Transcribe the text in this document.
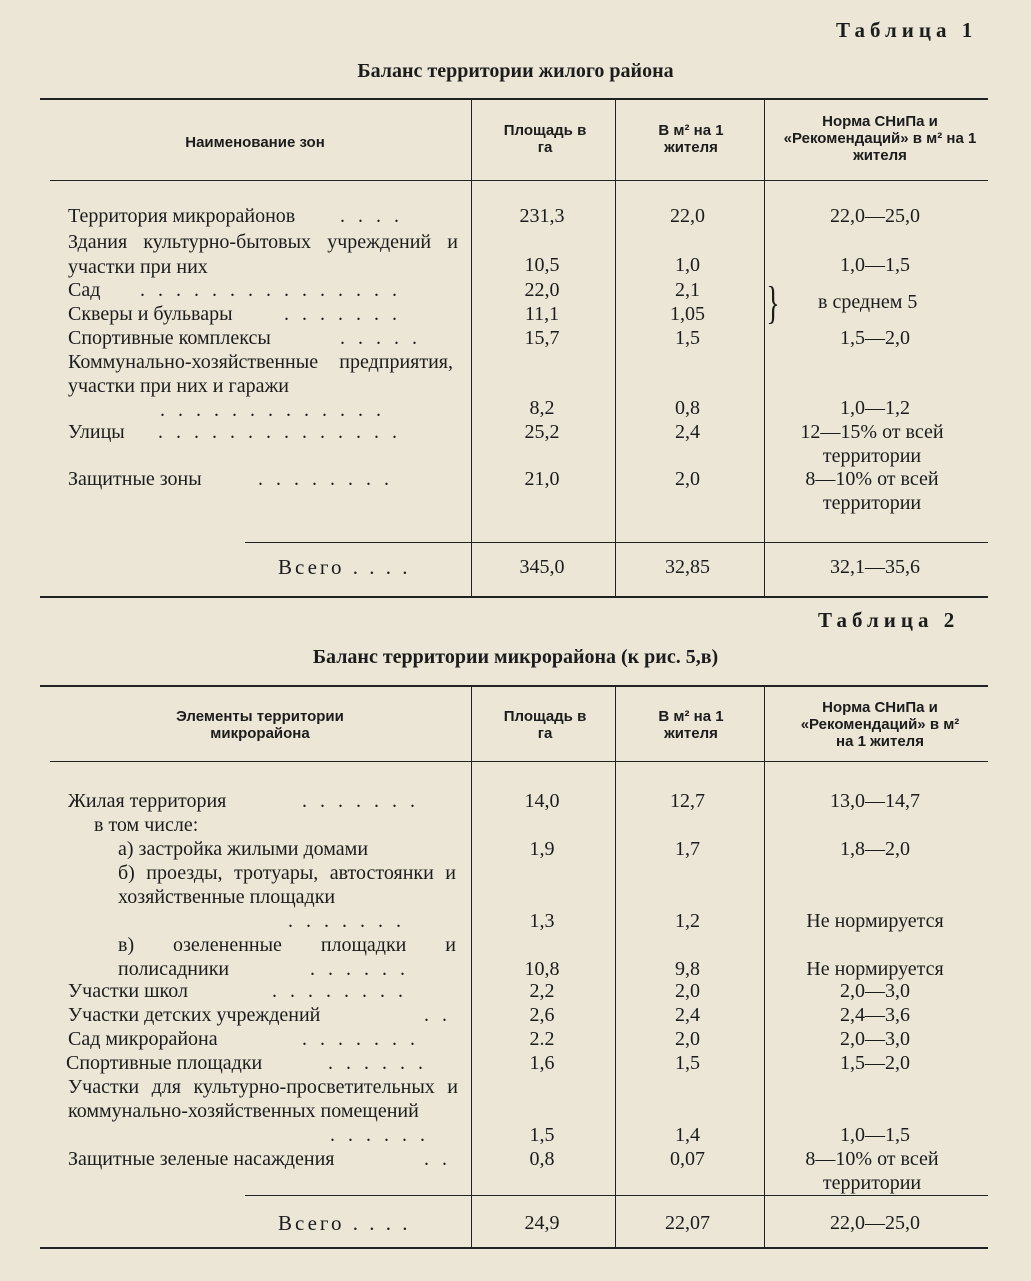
Таблица 1
Баланс территории жилого района
Наименование зон
Площадь в га
В м² на 1 жителя
Норма СНиПа и «Рекомендаций» в м² на 1 жителя
Территория микрорайонов . . . .	231,3	22,0	22,0—25,0
Здания культурно-бытовых учреждений и участки при них	10,5	1,0	1,0—1,5
Сад . . . . . . . . . . . . . . .	22,0	2,1	} в среднем 5
Скверы и бульвары	. . . . . . .	11,1	1,05
Спортивные комплексы	. . . . .	15,7	1,5	1,5—2,0
Коммунально-хозяйственные предприятия, участки при них и гаражи
. . . . . . . . . . . . .	8,2	0,8	1,0—1,2
Улицы . . . . . . . . . . . . . .	25,2	2,4	12—15% от всей территории
Защитные зоны	. . . . . . . .	21,0	2,0	8—10% от всей территории
Всего . . . .	345,0	32,85	32,1—35,6
Таблица 2
Баланс территории микрорайона (к рис. 5,в)
Элементы территории микрорайона
Площадь в га
В м² на 1 жителя
Норма СНиПа и «Рекомендаций» в м² на 1 жителя
Жилая территория	. . . . . . .	14,0	12,7	13,0—14,7
в том числе:
а) застройка жилыми домами	1,9	1,7	1,8—2,0
б) проезды, тротуары, автостоянки и хозяйственные площадки
. . . . . . .	1,3	1,2	Не нормируется
в) озелененные площадки и полисадники	. . . . . .	10,8	9,8	Не нормируется
Участки школ	. . . . . . . .	2,2	2,0	2,0—3,0
Участки детских учреждений	. .	2,6	2,4	2,4—3,6
Сад микрорайона	. . . . . . .	2.2	2,0	2,0—3,0
Спортивные площадки	. . . . . .	1,6	1,5	1,5—2,0
Участки для культурно-просветительных и коммунально-хозяйственных помещений
. . . . . .	1,5	1,4	1,0—1,5
Защитные зеленые насаждения	. .	0,8	0,07	8—10% от всей территории
Всего . . . .	24,9	22,07	22,0—25,0
